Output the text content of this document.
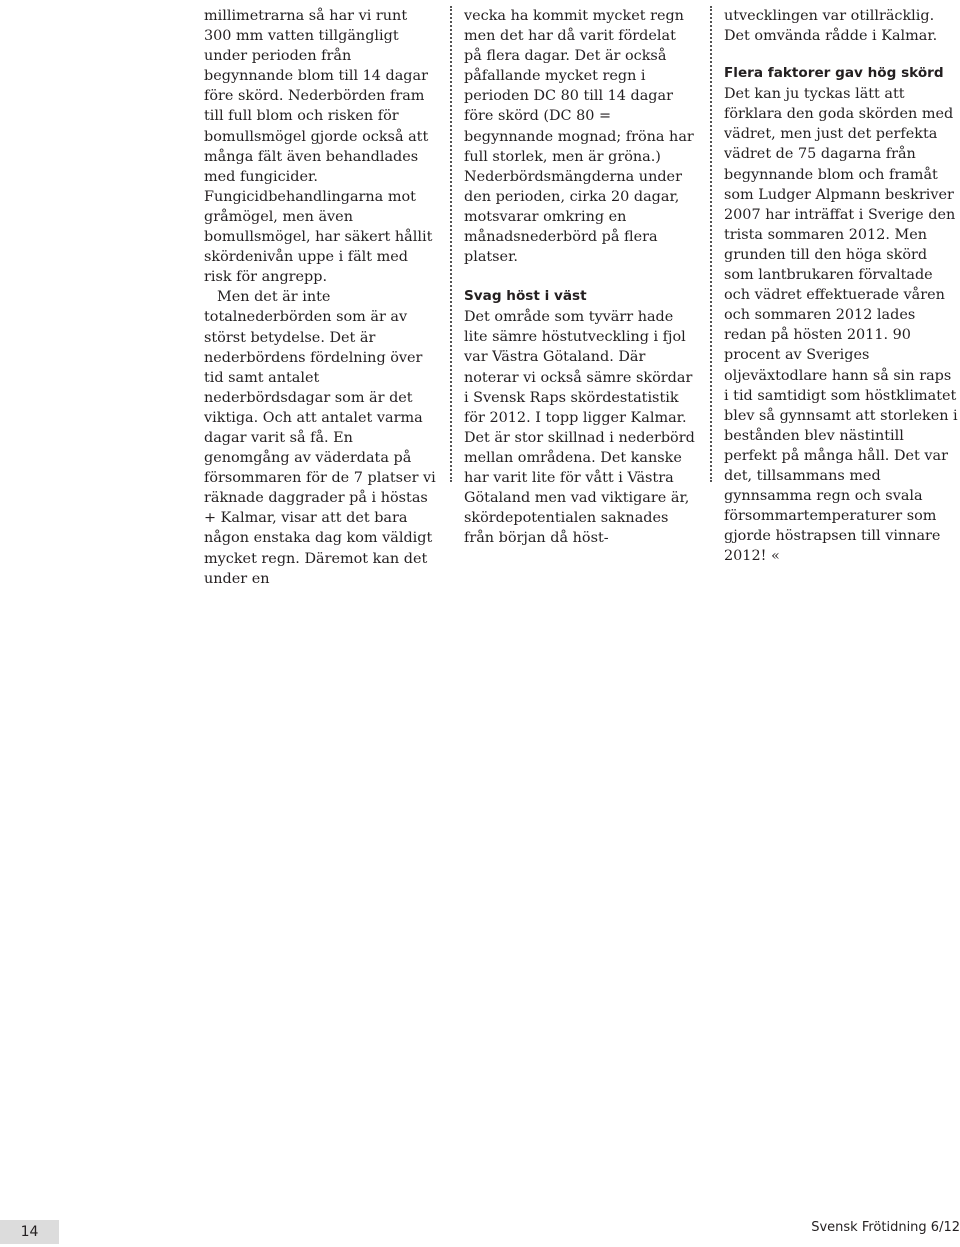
millimetrarna så har vi runt 300 mm vatten tillgängligt under perioden från begynnande blom till 14 dagar före skörd. Nederbörden fram till full blom och risken för bomullsmögel gjorde också att många fält även behandlades med fungicider. Fungicidbehandlingarna mot gråmögel, men även bomullsmögel, har säkert hållit skördenivån uppe i fält med risk för angrepp.

Men det är inte totalnederbörden som är av störst betydelse. Det är nederbördens fördelning över tid samt antalet nederbördsdagar som är det viktiga. Och att antalet varma dagar varit så få. En genomgång av väderdata på försommaren för de 7 platser vi räknade daggrader på i höstas + Kalmar, visar att det bara någon enstaka dag kom väldigt mycket regn. Däremot kan det under en

vecka ha kommit mycket regn men det har då varit fördelat på flera dagar. Det är också påfallande mycket regn i perioden DC 80 till 14 dagar före skörd (DC 80 = begynnande mognad; fröna har full storlek, men är gröna.) Nederbördsmängderna under den perioden, cirka 20 dagar, motsvarar omkring en månadsnederbörd på flera platser.

Svag höst i väst

Det område som tyvärr hade lite sämre höstutveckling i fjol var Västra Götaland. Där noterar vi också sämre skördar i Svensk Raps skördestatistik för 2012. I topp ligger Kalmar. Det är stor skillnad i nederbörd mellan områdena. Det kanske har varit lite för vått i Västra Götaland men vad viktigare är, skördepotentialen saknades från början då höst-

utvecklingen var otillräcklig. Det omvända rådde i Kalmar.

Flera faktorer gav hög skörd

Det kan ju tyckas lätt att förklara den goda skörden med vädret, men just det perfekta vädret de 75 dagarna från begynnande blom och framåt som Ludger Alpmann beskriver 2007 har inträffat i Sverige den trista sommaren 2012. Men grunden till den höga skörd som lantbrukaren förvaltade och vädret effektuerade våren och sommaren 2012 lades redan på hösten 2011. 90 procent av Sveriges oljeväxtodlare hann så sin raps i tid samtidigt som höstklimatet blev så gynnsamt att storleken i bestånden blev nästintill perfekt på många håll. Det var det, tillsammans med gynnsamma regn och svala försommartemperaturer som gjorde höstrapsen till vinnare 2012! «

14	Svensk Frötidning 6/12
